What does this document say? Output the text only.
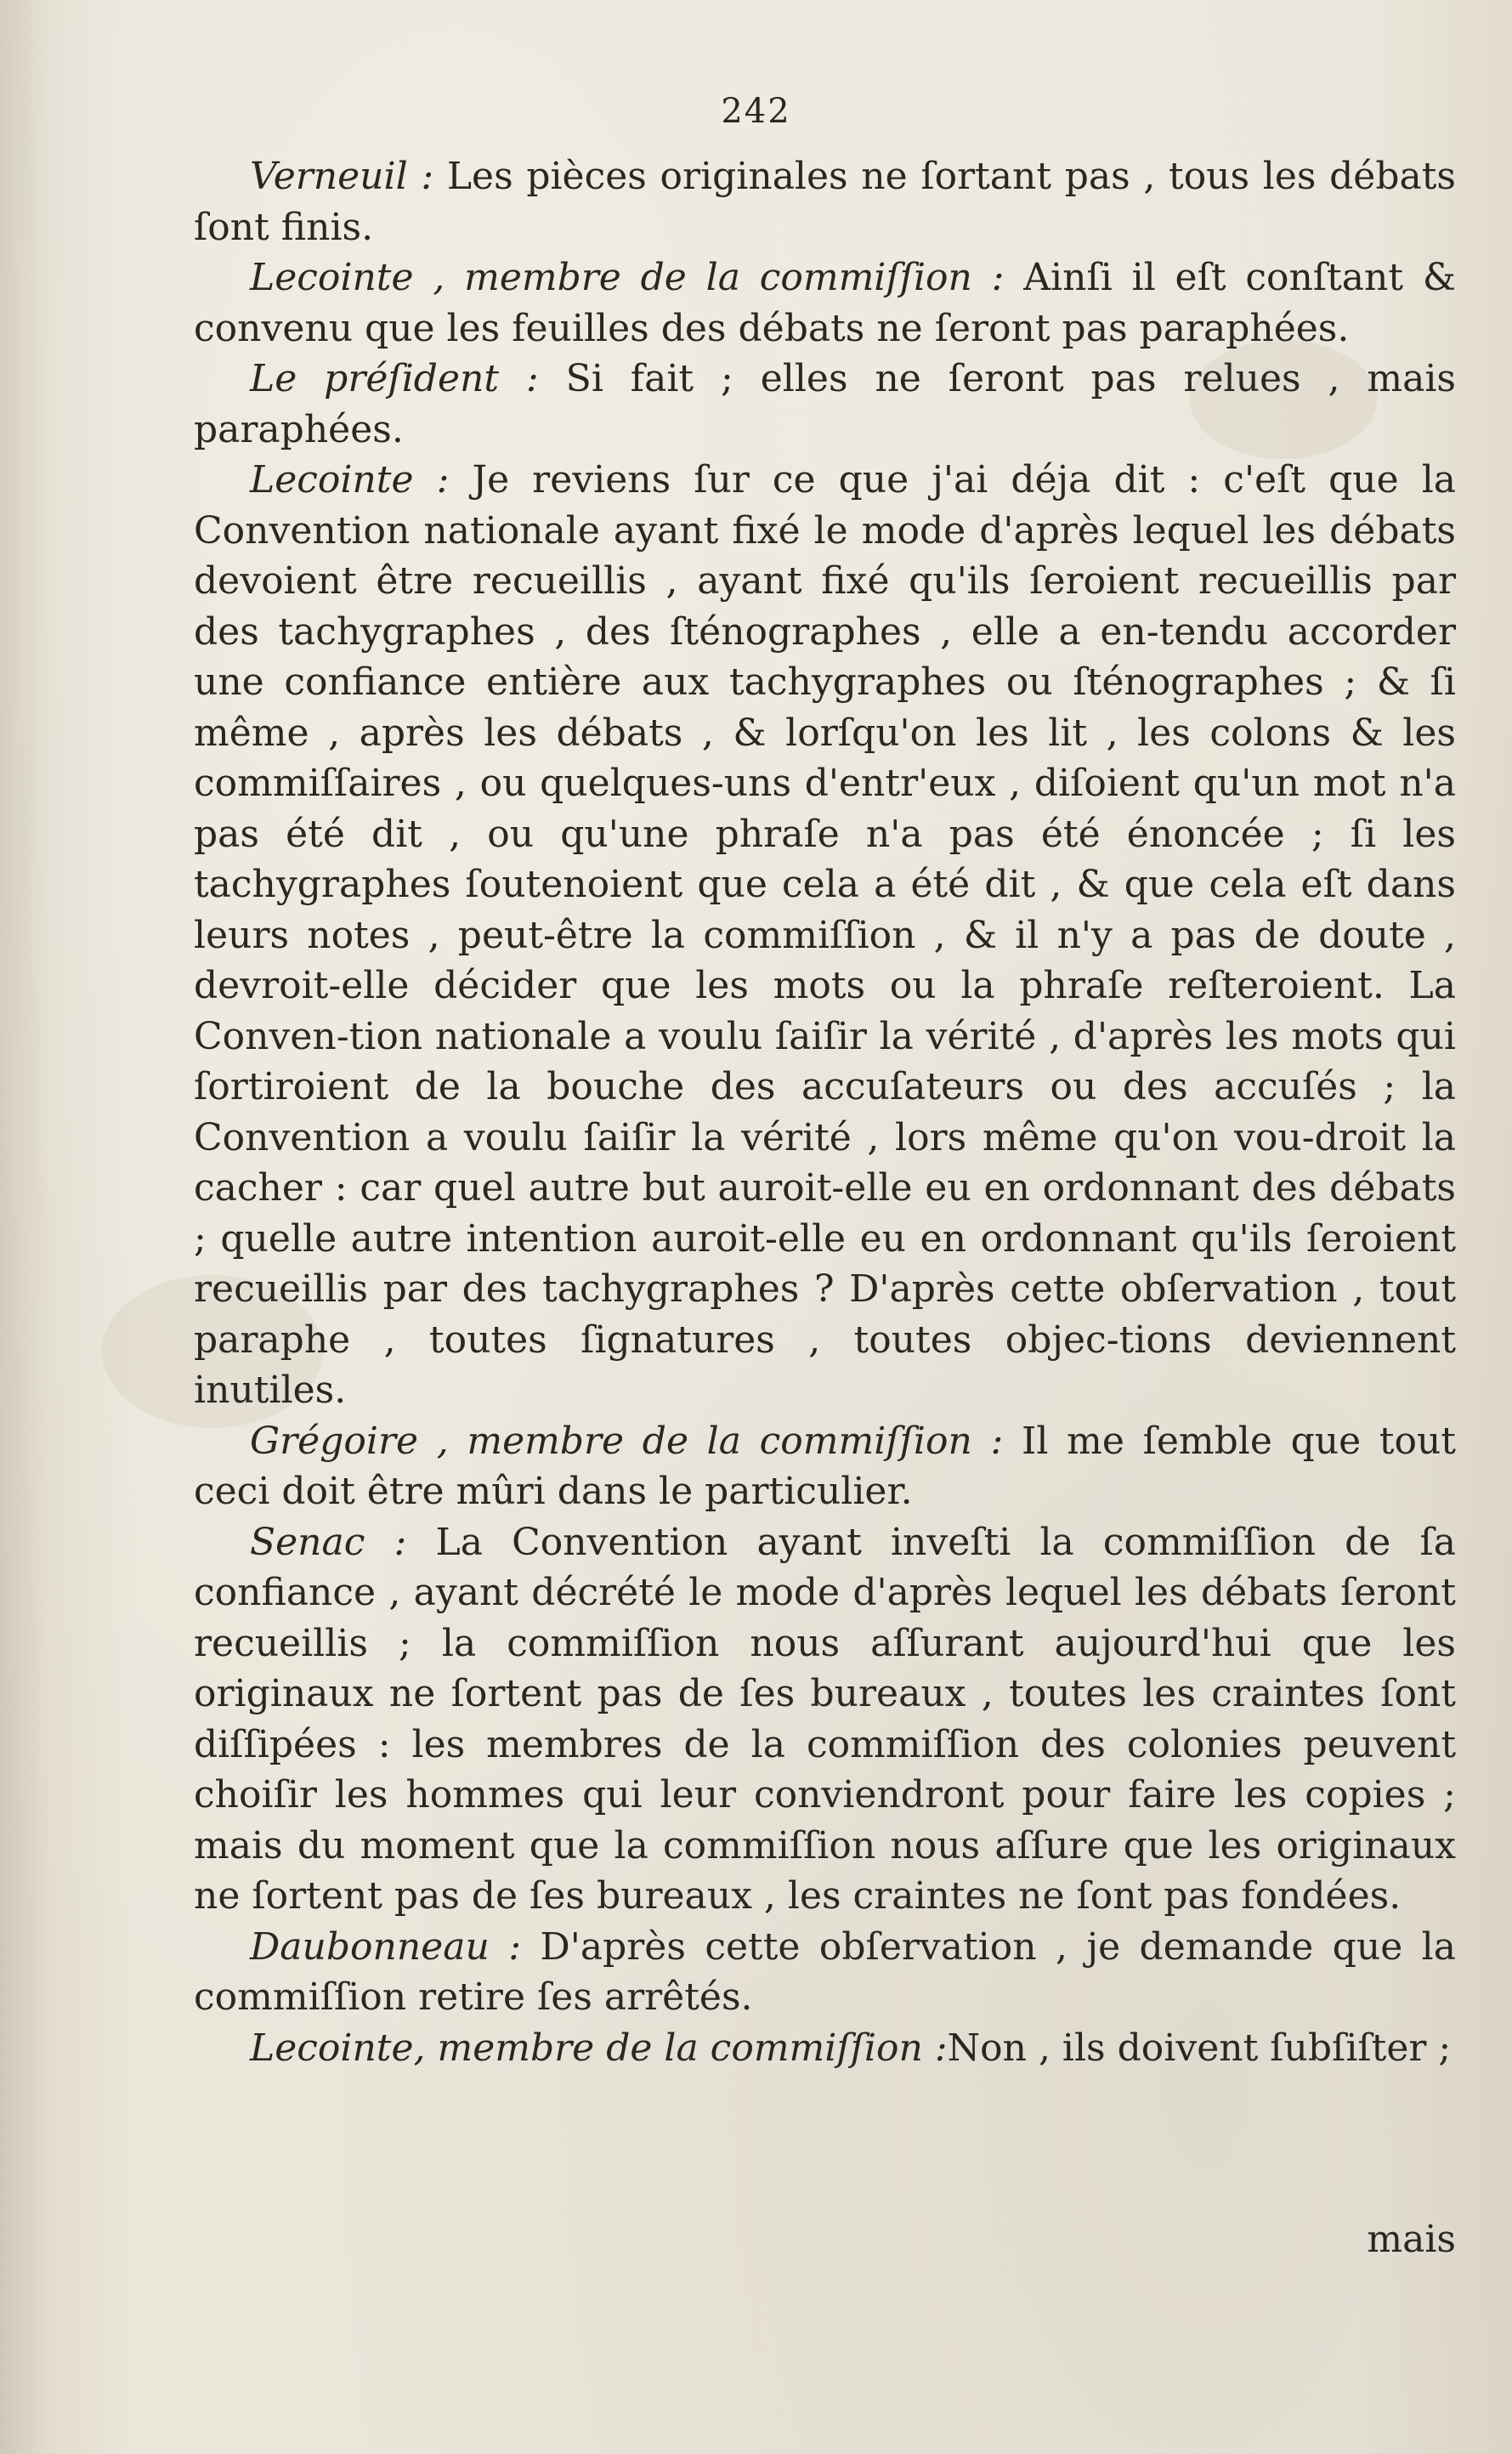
242

Verneuil : Les pièces originales ne ſortant pas , tous les débats ſont finis.

Lecointe , membre de la commiſſion : Ainſi il eſt conſtant & convenu que les feuilles des débats ne ſeront pas paraphées.

Le préſident : Si fait ; elles ne ſeront pas relues , mais paraphées.

Lecointe : Je reviens ſur ce que j'ai déja dit : c'eſt que la Convention nationale ayant fixé le mode d'après lequel les débats devoient être recueillis , ayant fixé qu'ils ſeroient recueillis par des tachygraphes , des ſténographes , elle a en-tendu accorder une confiance entière aux tachygraphes ou ſténographes ; & ſi même , après les débats , & lorſqu'on les lit , les colons & les commiſſaires , ou quelques-uns d'entr'eux , diſoient qu'un mot n'a pas été dit , ou qu'une phraſe n'a pas été énoncée ; ſi les tachygraphes ſoutenoient que cela a été dit , & que cela eſt dans leurs notes , peut-être la commiſſion , & il n'y a pas de doute , devroit-elle décider que les mots ou la phraſe reſteroient. La Conven-tion nationale a voulu ſaiſir la vérité , d'après les mots qui ſortiroient de la bouche des accuſateurs ou des accuſés ; la Convention a voulu ſaiſir la vérité , lors même qu'on vou-droit la cacher : car quel autre but auroit-elle eu en ordonnant des débats ; quelle autre intention auroit-elle eu en ordonnant qu'ils ſeroient recueillis par des tachygraphes ? D'après cette obſervation , tout paraphe , toutes ſignatures , toutes objec-tions deviennent inutiles.

Grégoire , membre de la commiſſion : Il me ſemble que tout ceci doit être mûri dans le particulier.

Senac : La Convention ayant inveſti la commiſſion de ſa confiance , ayant décrété le mode d'après lequel les débats ſeront recueillis ; la commiſſion nous aſſurant aujourd'hui que les originaux ne ſortent pas de ſes bureaux , toutes les craintes ſont diſſipées : les membres de la commiſſion des colonies peuvent choiſir les hommes qui leur conviendront pour faire les copies ; mais du moment que la commiſſion nous aſſure que les originaux ne ſortent pas de ſes bureaux , les craintes ne ſont pas fondées.

Daubonneau : D'après cette obſervation , je demande que la commiſſion retire ſes arrêtés.

Lecointe, membre de la commiſſion :Non , ils doivent ſubſiſter ;

mais
